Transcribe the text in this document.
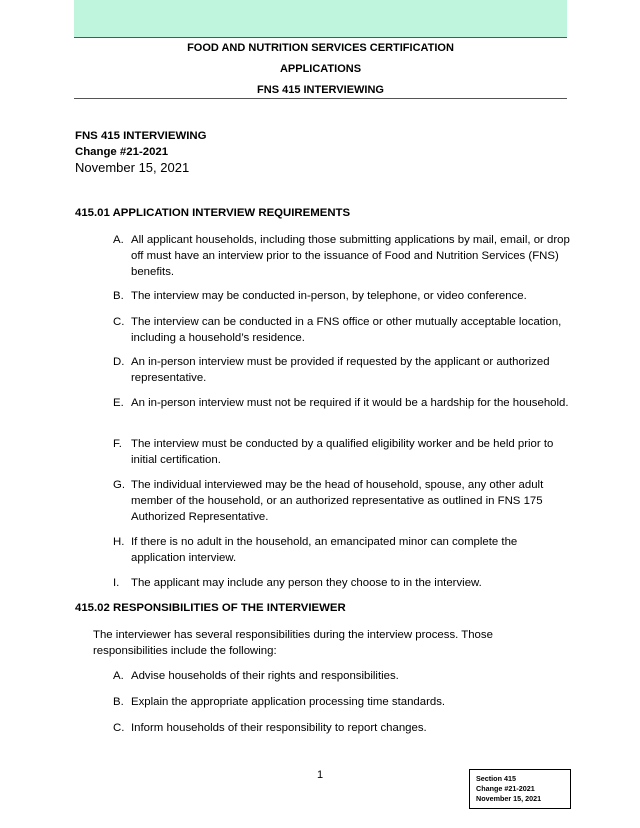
FOOD AND NUTRITION SERVICES CERTIFICATION
APPLICATIONS
FNS 415 INTERVIEWING
FNS 415 INTERVIEWING
Change #21-2021
November 15, 2021
415.01 APPLICATION INTERVIEW REQUIREMENTS
A. All applicant households, including those submitting applications by mail, email, or drop off must have an interview prior to the issuance of Food and Nutrition Services (FNS) benefits.
B. The interview may be conducted in-person, by telephone, or video conference.
C. The interview can be conducted in a FNS office or other mutually acceptable location, including a household’s residence.
D. An in-person interview must be provided if requested by the applicant or authorized representative.
E. An in-person interview must not be required if it would be a hardship for the household.
F. The interview must be conducted by a qualified eligibility worker and be held prior to initial certification.
G. The individual interviewed may be the head of household, spouse, any other adult member of the household, or an authorized representative as outlined in FNS 175 Authorized Representative.
H. If there is no adult in the household, an emancipated minor can complete the application interview.
I.	The applicant may include any person they choose to in the interview.
415.02 RESPONSIBILITIES OF THE INTERVIEWER
The interviewer has several responsibilities during the interview process. Those responsibilities include the following:
A. Advise households of their rights and responsibilities.
B. Explain the appropriate application processing time standards.
C. Inform households of their responsibility to report changes.
1	Section 415
Change #21-2021
November 15, 2021
